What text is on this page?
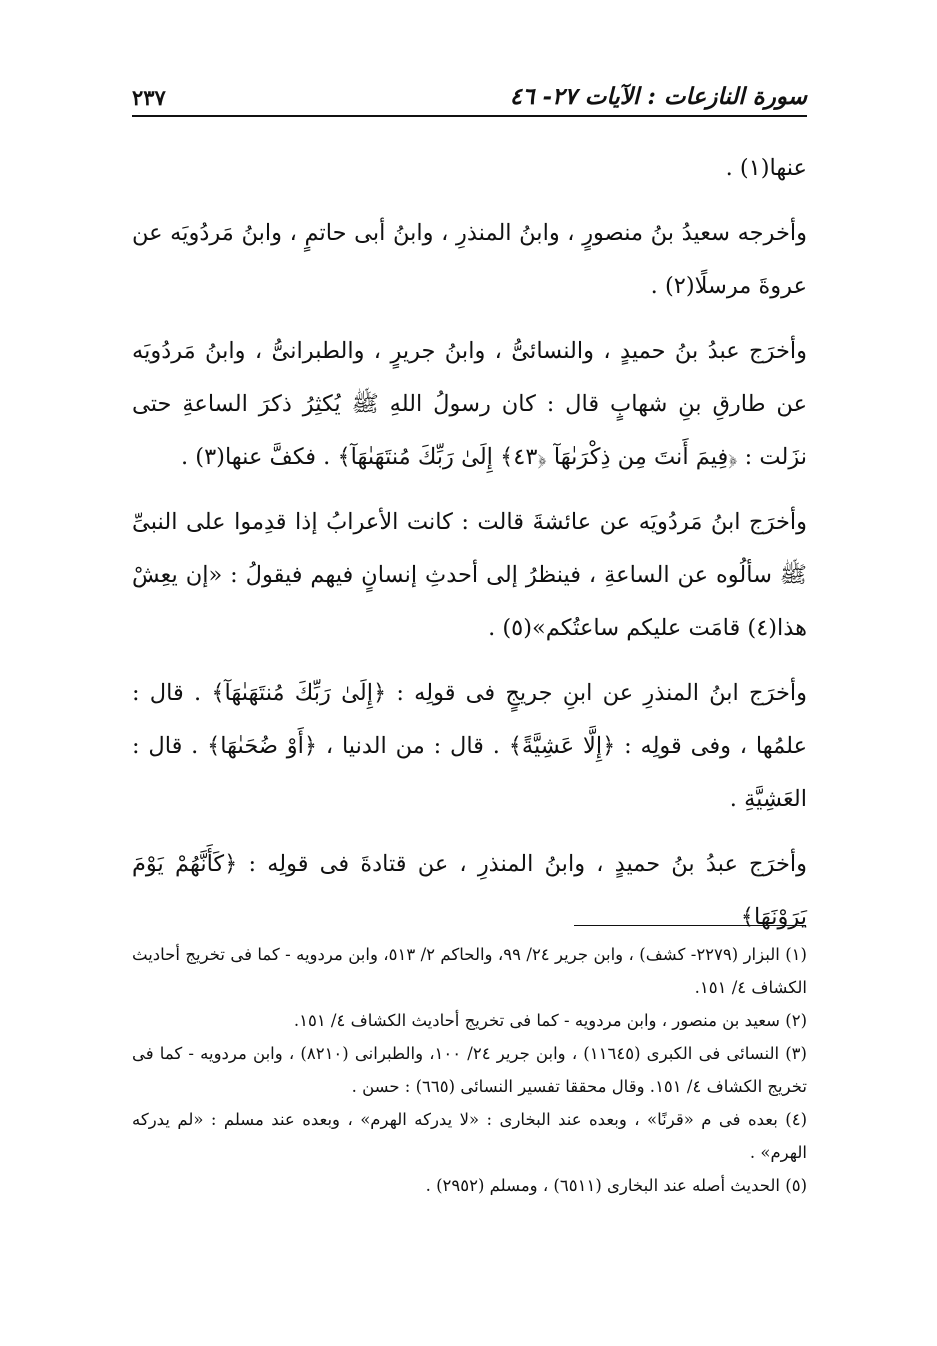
سورة النازعات : الآيات ٢٧- ٤٦
٢٣٧

عنها(١) .

وأخرجه سعيدُ بنُ منصورٍ ، وابنُ المنذرِ ، وابنُ أبى حاتمٍ ، وابنُ مَردُويَه عن عروةَ مرسلًا(٢) .

وأخرَج عبدُ بنُ حميدٍ ، والنسائىُّ ، وابنُ جريرٍ ، والطبرانىُّ ، وابنُ مَردُويَه عن طارقِ بنِ شهابٍ قال : كان رسولُ اللهِ ﷺ يُكثِرُ ذكرَ الساعةِ حتى نزَلت : ﴿فِيمَ أَنتَ مِن ذِكْرَىٰهَآ ﴿٤٣﴾ إِلَىٰ رَبِّكَ مُنتَهَىٰهَآ﴾ . فكفَّ عنها(٣) .

وأخرَج ابنُ مَردُويَه عن عائشةَ قالت : كانت الأعرابُ إذا قدِموا على النبىِّ ﷺ سألُوه عن الساعةِ ، فينظرُ إلى أحدثِ إنسانٍ فيهم فيقولُ : «إن يعِشْ هذا(٤) قامَت عليكم ساعتُكم»(٥) .

وأخرَج ابنُ المنذرِ عن ابنِ جريجٍ فى قولِه : ﴿إِلَىٰ رَبِّكَ مُنتَهَىٰهَآ﴾ . قال : علمُها ، وفى قولِه : ﴿إِلَّا عَشِيَّةً﴾ . قال : من الدنيا ، ﴿أَوْ ضُحَىٰهَا﴾ . قال : العَشِيَّةِ .

وأخرَج عبدُ بنُ حميدٍ ، وابنُ المنذرِ ، عن قتادةَ فى قولِه : ﴿كَأَنَّهُمْ يَوْمَ يَرَوْنَهَا﴾

(١) البزار (٢٢٧٩- كشف) ، وابن جرير ٢٤/ ٩٩، والحاكم ٢/ ٥١٣، وابن مردويه - كما فى تخريج أحاديث الكشاف ٤/ ١٥١.

(٢) سعيد بن منصور ، وابن مردويه - كما فى تخريج أحاديث الكشاف ٤/ ١٥١.

(٣) النسائى فى الكبرى (١١٦٤٥) ، وابن جرير ٢٤/ ١٠٠، والطبرانى (٨٢١٠) ، وابن مردويه - كما فى تخريج الكشاف ٤/ ١٥١. وقال محققا تفسير النسائى (٦٦٥) : حسن .

(٤) بعده فى م «قرنًا» ، وبعده عند البخارى : «لا يدركه الهرم» ، وبعده عند مسلم : «لم يدركه الهرم» .

(٥) الحديث أصله عند البخارى (٦٥١١) ، ومسلم (٢٩٥٢) .
